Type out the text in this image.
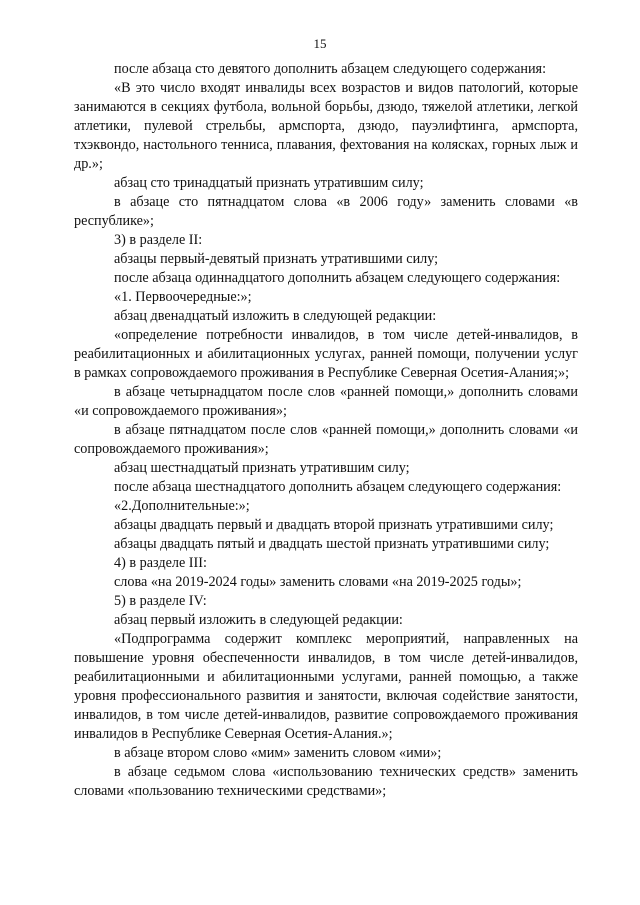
15

после абзаца сто девятого дополнить абзацем следующего содержания:

«В это число входят инвалиды всех возрастов и видов патологий, которые занимаются в секциях футбола, вольной борьбы, дзюдо, тяжелой атлетики, легкой атлетики, пулевой стрельбы, армспорта, дзюдо, пауэлифтинга, армспорта, тхэквондо, настольного тенниса, плавания, фехтования на колясках, горных лыж и др.»;

абзац сто тринадцатый признать утратившим силу;

в абзаце сто пятнадцатом слова «в 2006 году» заменить словами «в республике»;

3) в разделе II:

абзацы первый-девятый признать утратившими силу;

после абзаца одиннадцатого дополнить абзацем следующего содержания:

«1. Первоочередные:»;

абзац двенадцатый изложить в следующей редакции:

«определение потребности инвалидов, в том числе детей-инвалидов, в реабилитационных и абилитационных услугах, ранней помощи, получении услуг в рамках сопровождаемого проживания в Республике Северная Осетия-Алания;»;

в абзаце четырнадцатом после слов «ранней помощи,» дополнить словами «и сопровождаемого проживания»;

в абзаце пятнадцатом после слов «ранней помощи,» дополнить словами «и сопровождаемого проживания»;

абзац шестнадцатый признать утратившим силу;

после абзаца шестнадцатого дополнить абзацем следующего содержания:

«2.Дополнительные:»;

абзацы двадцать первый и двадцать второй признать утратившими силу;

абзацы двадцать пятый и двадцать шестой признать утратившими силу;

4) в разделе III:

слова «на 2019-2024 годы» заменить словами «на 2019-2025 годы»;

5) в разделе IV:

абзац первый изложить в следующей редакции:

«Подпрограмма содержит комплекс мероприятий, направленных на повышение уровня обеспеченности инвалидов, в том числе детей-инвалидов, реабилитационными и абилитационными услугами, ранней помощью, а также уровня профессионального развития и занятости, включая содействие занятости, инвалидов, в том числе детей-инвалидов, развитие сопровождаемого проживания инвалидов в Республике Северная Осетия-Алания.»;

в абзаце втором слово «мим» заменить словом «ими»;

в абзаце седьмом слова «использованию технических средств» заменить словами «пользованию техническими средствами»;
